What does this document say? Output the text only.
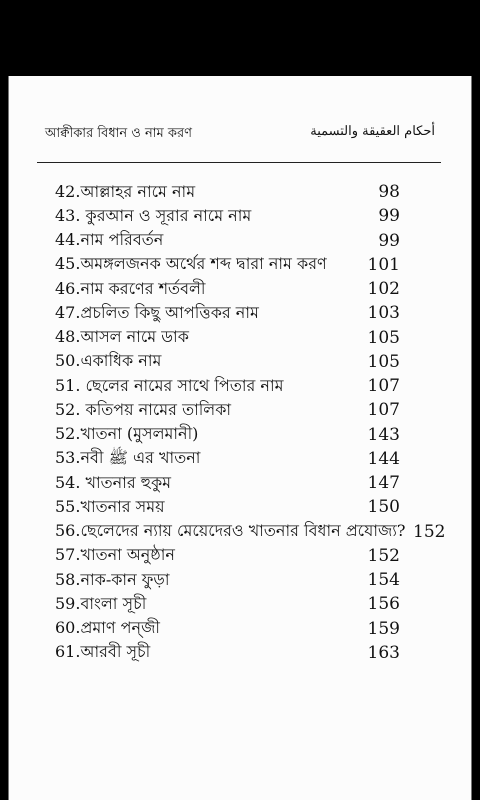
আক্বীকার বিধান ও নাম করণ	أحكام العقيقة والتسمية
42.আল্লাহর নামে নাম	98
43. কুরআন ও সূরার নামে নাম	99
44.নাম পরিবর্তন	99
45.অমঙ্গলজনক অর্থের শব্দ দ্বারা নাম করণ	101
46.নাম করণের শর্তবলী	102
47.প্রচলিত কিছু আপত্তিকর নাম	103
48.আসল নামে ডাক	105
50.একাধিক নাম	105
51. ছেলের নামের সাথে পিতার নাম	107
52. কতিপয় নামের তালিকা	107
52.খাতনা (মুসলমানী)	143
53.নবী ﷺ এর খাতনা	144
54. খাতনার হুকুম	147
55.খাতনার সময়	150
56.ছেলেদের ন্যায় মেয়েদেরও খাতনার বিধান প্রযোজ্য? 152
57.খাতনা অনুষ্ঠান	152
58.নাক-কান ফুড়া	154
59.বাংলা সূচী	156
60.প্রমাণ পন্জী	159
61.আরবী সূচী	163
